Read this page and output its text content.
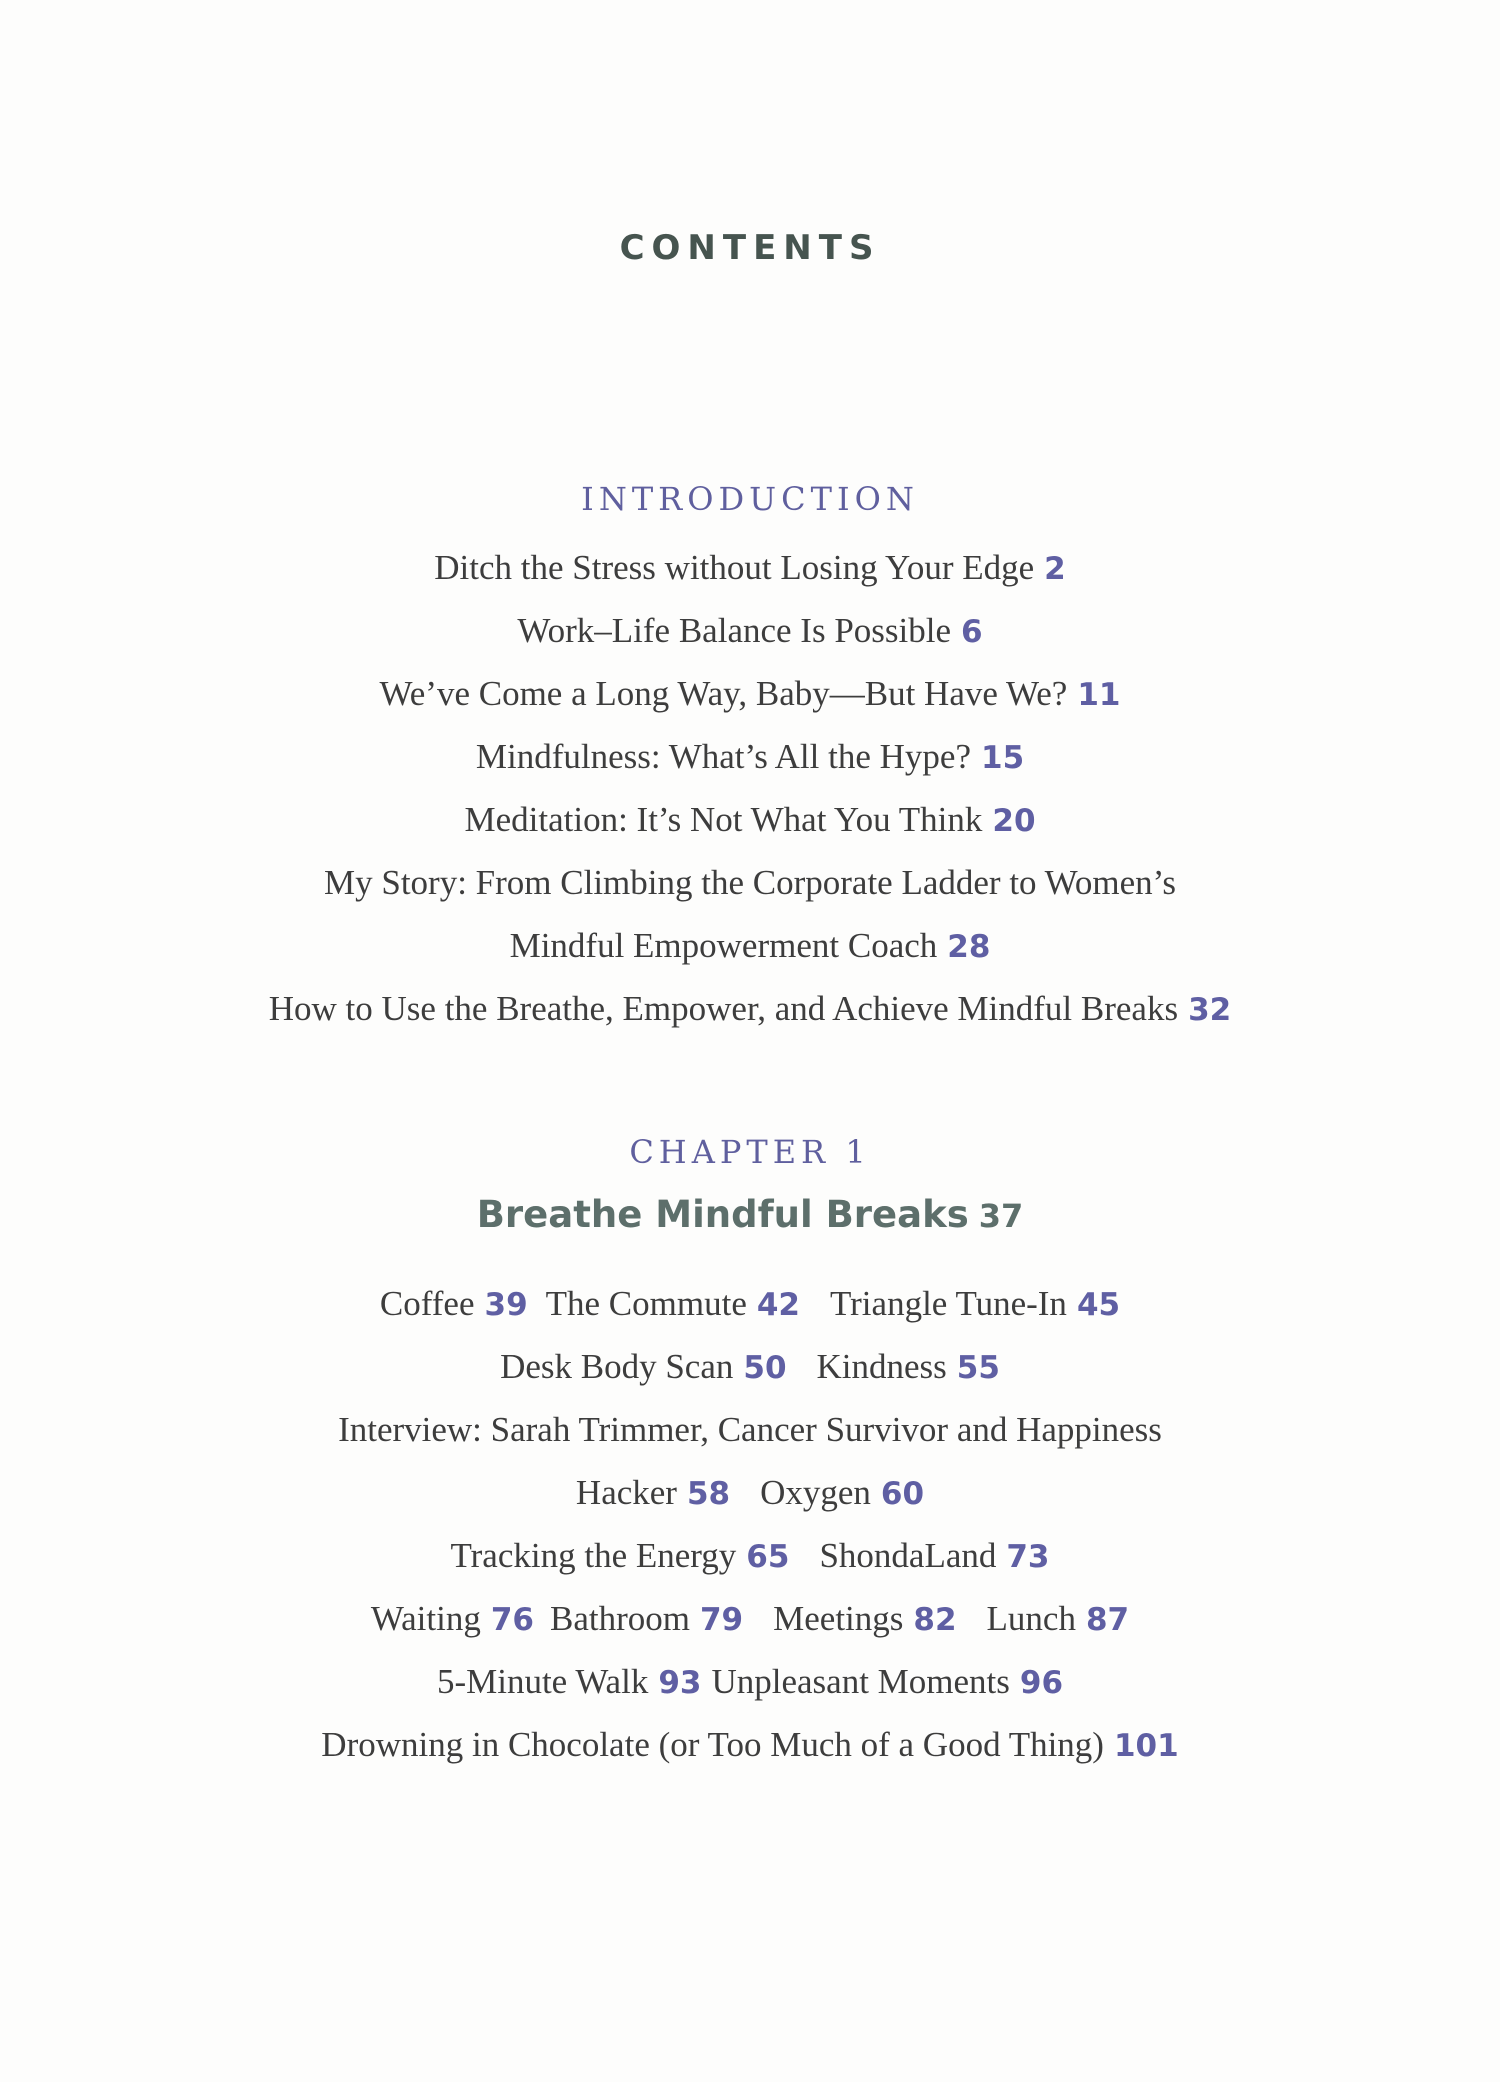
CONTENTS
INTRODUCTION
Ditch the Stress without Losing Your Edge 2
Work–Life Balance Is Possible 6
We’ve Come a Long Way, Baby—But Have We? 11
Mindfulness: What’s All the Hype? 15
Meditation: It’s Not What You Think 20
My Story: From Climbing the Corporate Ladder to Women’s
Mindful Empowerment Coach 28
How to Use the Breathe, Empower, and Achieve Mindful Breaks 32
CHAPTER 1
Breathe Mindful Breaks 37
Coffee 39 The Commute 42 Triangle Tune-In 45
Desk Body Scan 50 Kindness 55
Interview: Sarah Trimmer, Cancer Survivor and Happiness
Hacker 58 Oxygen 60
Tracking the Energy 65 ShondaLand 73
Waiting 76 Bathroom 79 Meetings 82 Lunch 87
5-Minute Walk 93 Unpleasant Moments 96
Drowning in Chocolate (or Too Much of a Good Thing) 101
